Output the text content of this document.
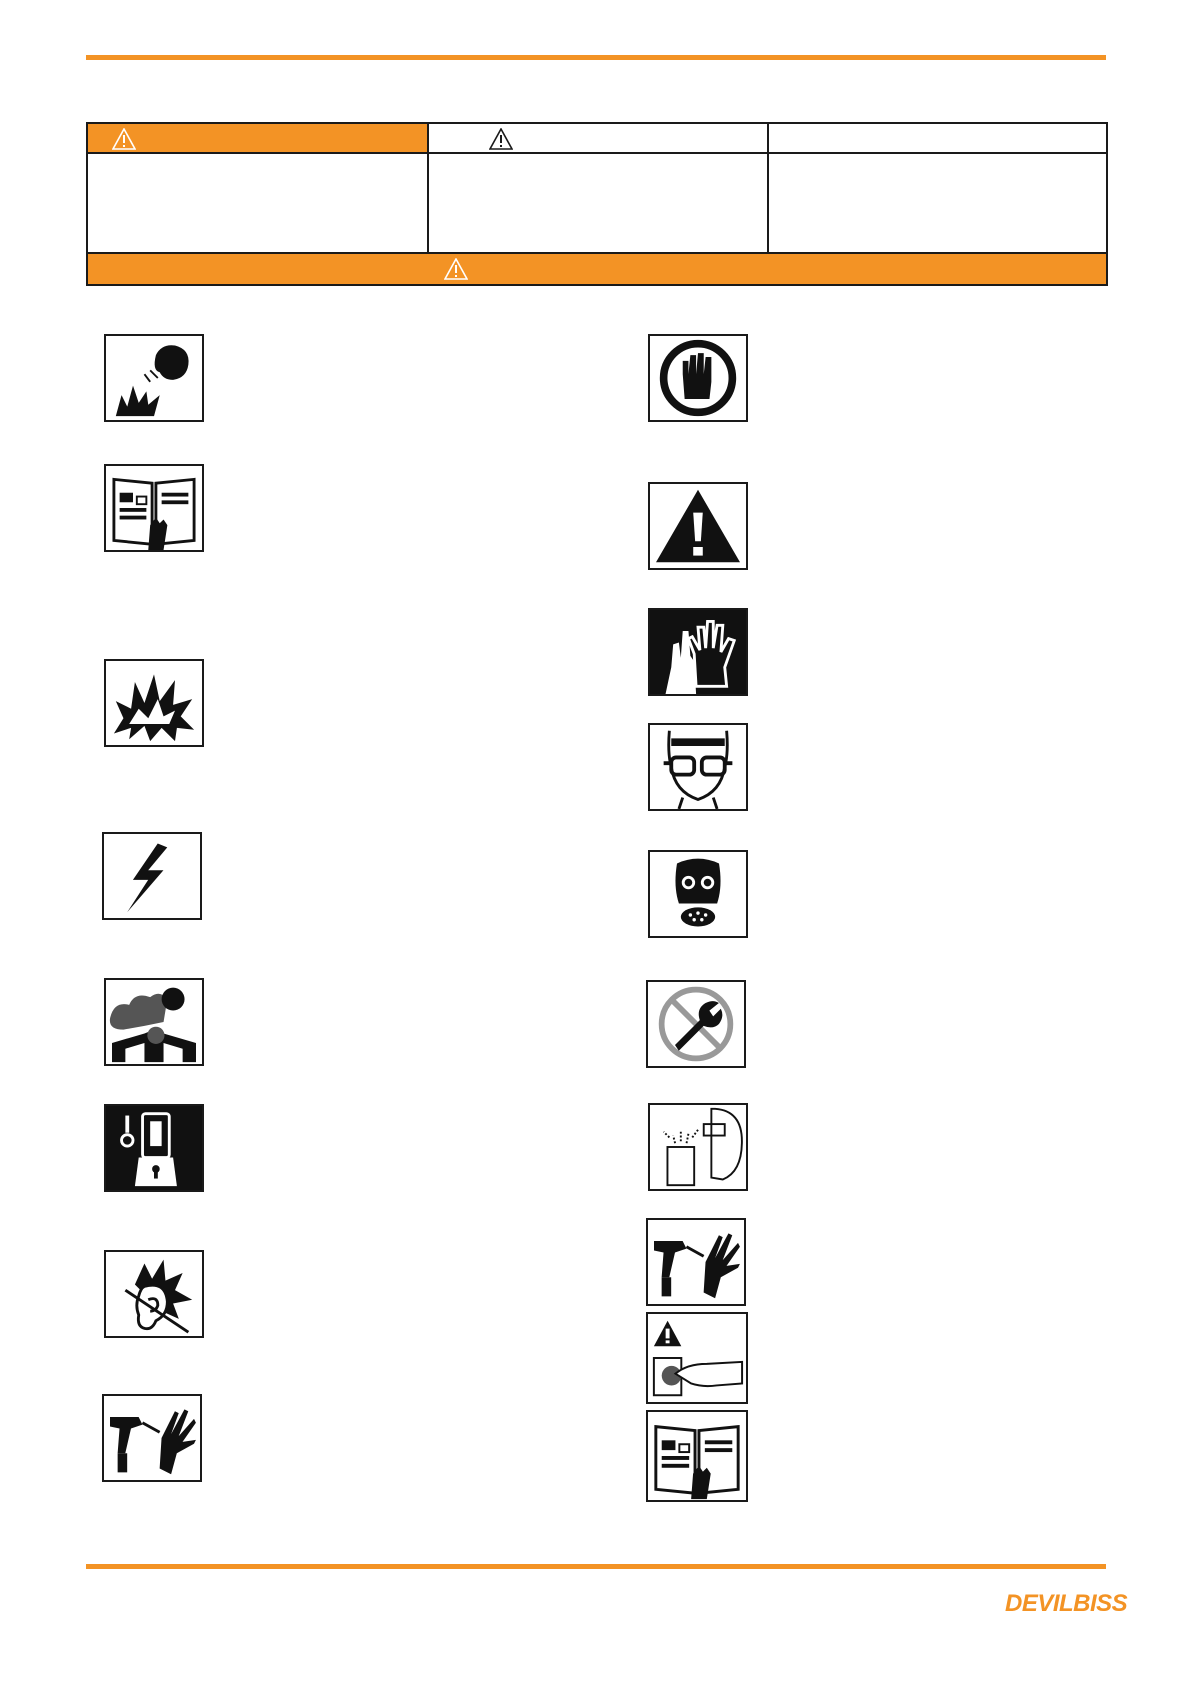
DEVILBISS
